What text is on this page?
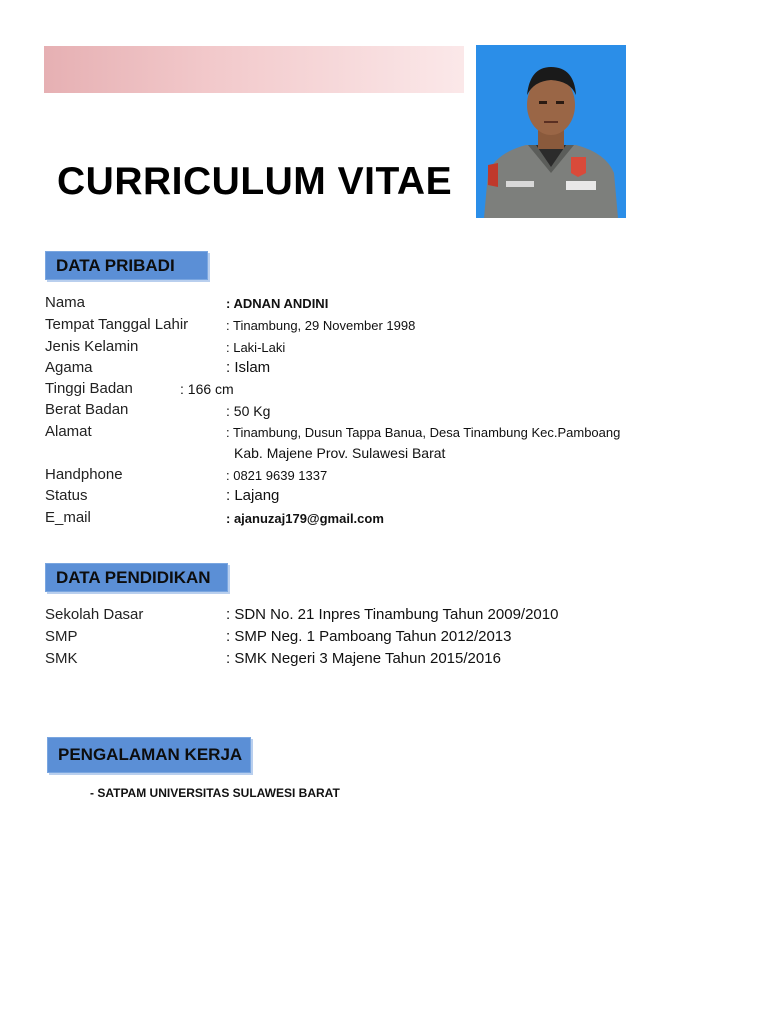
CURRICULUM VITAE
DATA PRIBADI
Nama	: ADNAN ANDINI
Tempat Tanggal Lahir	: Tinambung, 29 November 1998
Jenis Kelamin	: Laki-Laki
Agama	: Islam
Tinggi Badan	: 166 cm
Berat Badan	: 50 Kg
Alamat	: Tinambung, Dusun Tappa Banua, Desa Tinambung Kec.Pamboang
Kab. Majene Prov. Sulawesi Barat
Handphone	: 0821 9639 1337
Status	: Lajang
E_mail	: ajanuzaj179@gmail.com
DATA PENDIDIKAN
Sekolah Dasar	: SDN No. 21 Inpres Tinambung Tahun 2009/2010
SMP	: SMP Neg. 1 Pamboang Tahun 2012/2013
SMK	: SMK Negeri 3 Majene Tahun 2015/2016
PENGALAMAN KERJA
- SATPAM UNIVERSITAS SULAWESI BARAT
